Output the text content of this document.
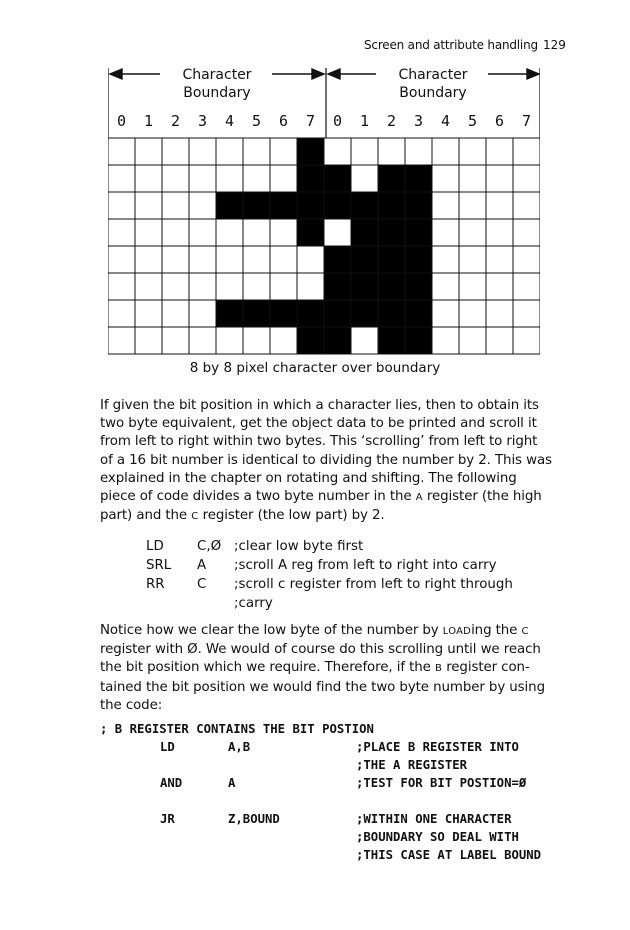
Screen and attribute handling 129
Character
Boundary
Character
Boundary
0	1	2	3	4	5	6	7	0	1	2	3	4	5	6	7
8 by 8 pixel character over boundary
If given the bit position in which a character lies, then to obtain its
two byte equivalent, get the object data to be printed and scroll it
from left to right within two bytes. This ‘scrolling’ from left to right
of a 16 bit number is identical to dividing the number by 2. This was
explained in the chapter on rotating and shifting. The following
piece of code divides a two byte number in the A register (the high
part) and the C register (the low part) by 2.
LD C,Ø ;clear low byte first
SRL A ;scroll A reg from left to right into carry
RR C ;scroll c register from left to right through
;carry
Notice how we clear the low byte of the number by LOADing the C
register with Ø. We would of course do this scrolling until we reach
the bit position which we require. Therefore, if the B register con-
tained the bit position we would find the two byte number by using
the code:
; B REGISTER CONTAINS THE BIT POSTION
LD	A,B	;PLACE B REGISTER INTO
;THE A REGISTER
AND	A	;TEST FOR BIT POSTION=Ø
JR	Z,BOUND	;WITHIN ONE CHARACTER
;BOUNDARY SO DEAL WITH
;THIS CASE AT LABEL BOUND
